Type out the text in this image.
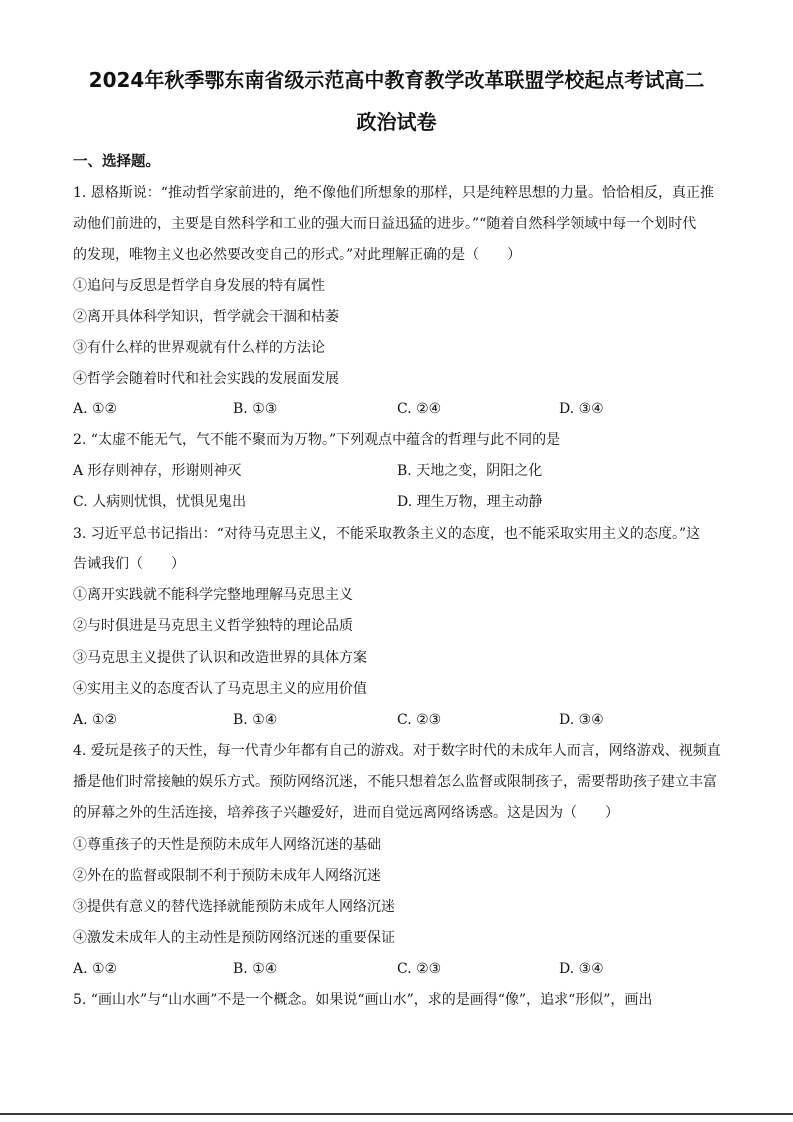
2024年秋季鄂东南省级示范高中教育教学改革联盟学校起点考试高二
政治试卷
一、选择题。
1. 恩格斯说：“推动哲学家前进的，绝不像他们所想象的那样，只是纯粹思想的力量。恰恰相反，真正推
动他们前进的，主要是自然科学和工业的强大而日益迅猛的进步。”“随着自然科学领域中每一个划时代
的发现，唯物主义也必然要改变自己的形式。”对此理解正确的是（　　）
①追问与反思是哲学自身发展的特有属性
②离开具体科学知识，哲学就会干涸和枯萎
③有什么样的世界观就有什么样的方法论
④哲学会随着时代和社会实践的发展面发展
A. ①②	B. ①③	C. ②④	D. ③④
2. “太虚不能无气，气不能不聚而为万物。”下列观点中蕴含的哲理与此不同的是
A 形存则神存，形谢则神灭	B. 天地之变，阴阳之化
C. 人病则忧惧，忧惧见鬼出	D. 理生万物，理主动静
3. 习近平总书记指出：“对待马克思主义，不能采取教条主义的态度，也不能采取实用主义的态度。”这
告诫我们（　　）
①离开实践就不能科学完整地理解马克思主义
②与时俱进是马克思主义哲学独特的理论品质
③马克思主义提供了认识和改造世界的具体方案
④实用主义的态度否认了马克思主义的应用价值
A. ①②	B. ①④	C. ②③	D. ③④
4. 爱玩是孩子的天性，每一代青少年都有自己的游戏。对于数字时代的未成年人而言，网络游戏、视频直
播是他们时常接触的娱乐方式。预防网络沉迷，不能只想着怎么监督或限制孩子，需要帮助孩子建立丰富
的屏幕之外的生活连接，培养孩子兴趣爱好，进而自觉远离网络诱惑。这是因为（　　）
①尊重孩子的天性是预防未成年人网络沉迷的基础
②外在的监督或限制不利于预防未成年人网络沉迷
③提供有意义的替代选择就能预防未成年人网络沉迷
④激发未成年人的主动性是预防网络沉迷的重要保证
A. ①②	B. ①④	C. ②③	D. ③④
5. “画山水”与“山水画”不是一个概念。如果说“画山水”，求的是画得“像”，追求“形似”，画出
